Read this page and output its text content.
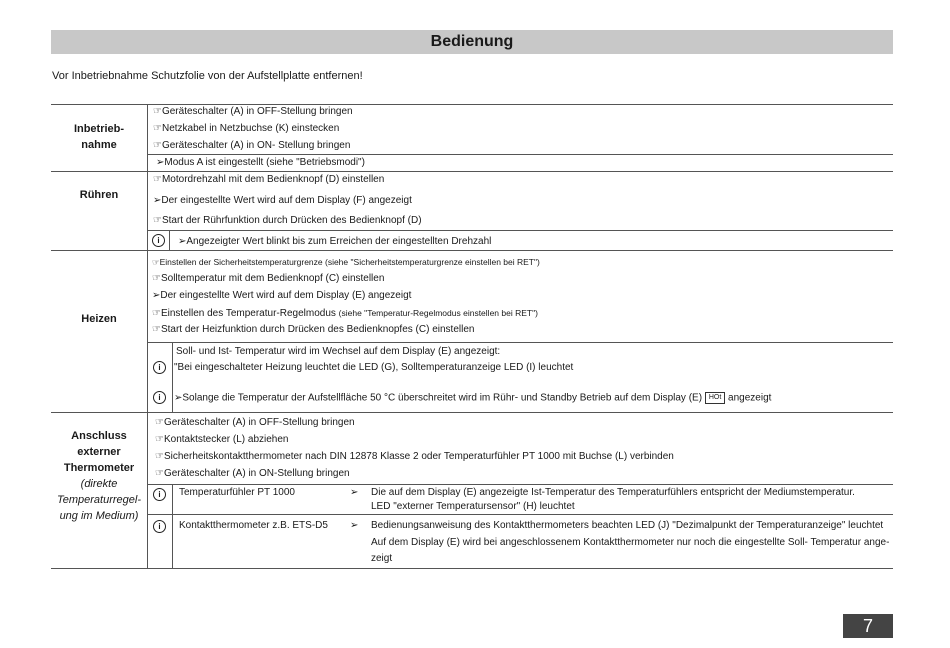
Bedienung
Vor Inbetriebnahme Schutzfolie von der Aufstellplatte entfernen!
Inbetrieb-
nahme
☞Geräteschalter (A) in OFF-Stellung bringen
☞Netzkabel in Netzbuchse (K) einstecken
☞Geräteschalter (A) in ON- Stellung bringen
➢Modus A ist eingestellt (siehe "Betriebsmodi")
Rühren
☞Motordrehzahl mit dem Bedienknopf (D) einstellen
➢Der eingestellte Wert wird auf dem Display (F) angezeigt
☞Start der Rührfunktion durch Drücken des Bedienknopf (D)
i	➢Angezeigter Wert blinkt bis zum Erreichen der eingestellten Drehzahl
Heizen
☞Einstellen der Sicherheitstemperaturgrenze (siehe "Sicherheitstemperaturgrenze einstellen bei RET")
☞Solltemperatur mit dem Bedienknopf (C) einstellen
➢Der eingestellte Wert wird auf dem Display (E) angezeigt
☞Einstellen des Temperatur-Regelmodus (siehe "Temperatur-Regelmodus einstellen bei RET")
☞Start der Heizfunktion durch Drücken des Bedienknopfes (C) einstellen
Soll- und Ist- Temperatur wird im Wechsel auf dem Display (E) angezeigt:
i	"Bei eingeschalteter Heizung leuchtet die LED (G), Solltemperaturanzeige LED (I) leuchtet
i	➢Solange die Temperatur der Aufstellfläche 50 °C überschreitet wird im Rühr- und Standby Betrieb auf dem Display (E) HOt angezeigt
Anschluss
externer
Thermometer
(direkte
Temperaturregel-
ung im Medium)
☞Geräteschalter (A) in OFF-Stellung bringen
☞Kontaktstecker (L) abziehen
☞Sicherheitskontaktthermometer nach DIN 12878 Klasse 2 oder Temperaturfühler PT 1000 mit Buchse (L) verbinden
☞Geräteschalter (A) in ON-Stellung bringen
i	Temperaturfühler PT 1000	➢ Die auf dem Display (E) angezeigte Ist-Temperatur des Temperaturfühlers entspricht der Mediumstemperatur.
LED "externer Temperatursensor" (H) leuchtet
i	Kontaktthermometer z.B. ETS-D5 ➢ Bedienungsanweisung des Kontaktthermometers beachten LED (J) "Dezimalpunkt der Temperaturanzeige" leuchtet
Auf dem Display (E) wird bei angeschlossenem Kontaktthermometer nur noch die eingestellte Soll- Temperatur ange-
zeigt
7
